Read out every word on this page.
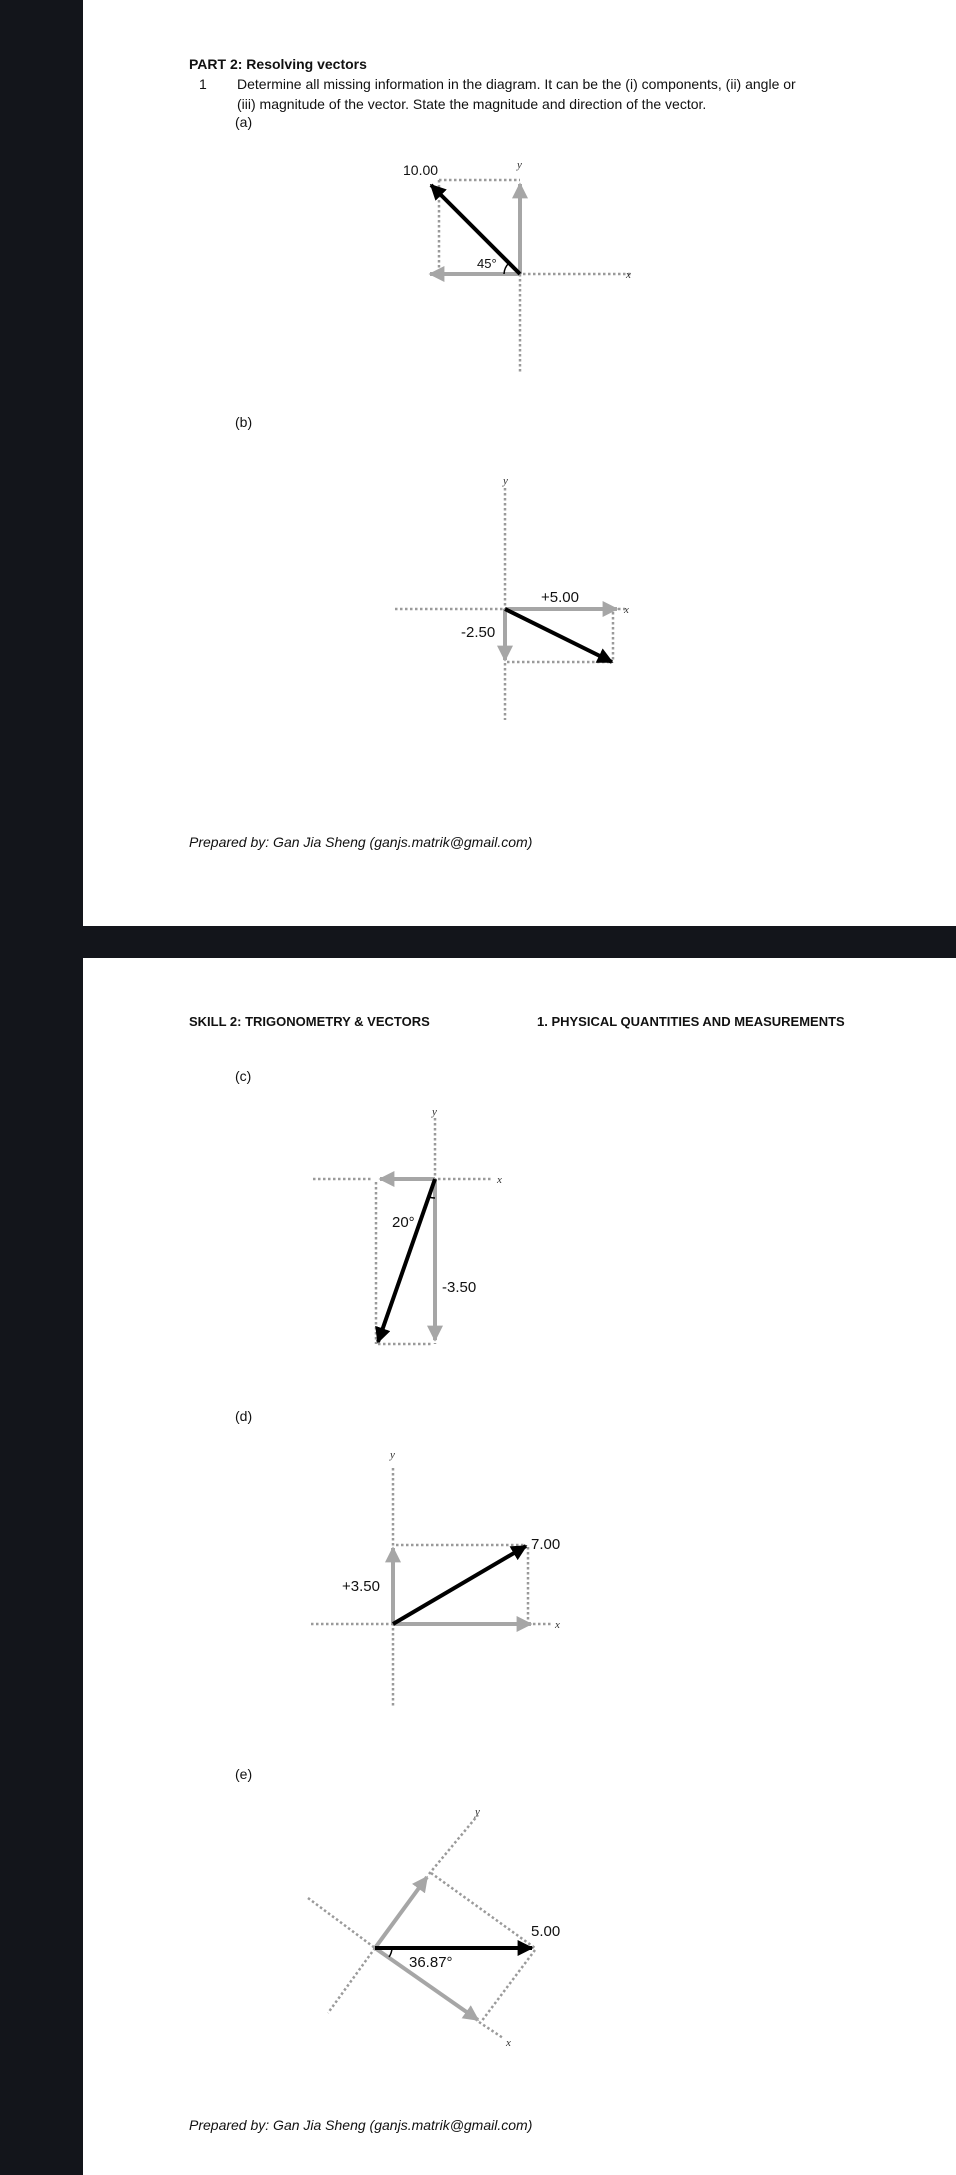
PART 2: Resolving vectors
1 Determine all missing information in the diagram. It can be the (i) components, (ii) angle or
(iii) magnitude of the vector. State the magnitude and direction of the vector.
(a)
(b)
10.00
45°
y
x
+5.00
-2.50
y
x
Prepared by: Gan Jia Sheng (ganjs.matrik@gmail.com)
SKILL 2: TRIGONOMETRY & VECTORS	1. PHYSICAL QUANTITIES AND MEASUREMENTS
(c)
(d)
(e)
20°
-3.50
y
x
7.00
+3.50
y
x
5.00
36.87°
y
x
Prepared by: Gan Jia Sheng (ganjs.matrik@gmail.com)
